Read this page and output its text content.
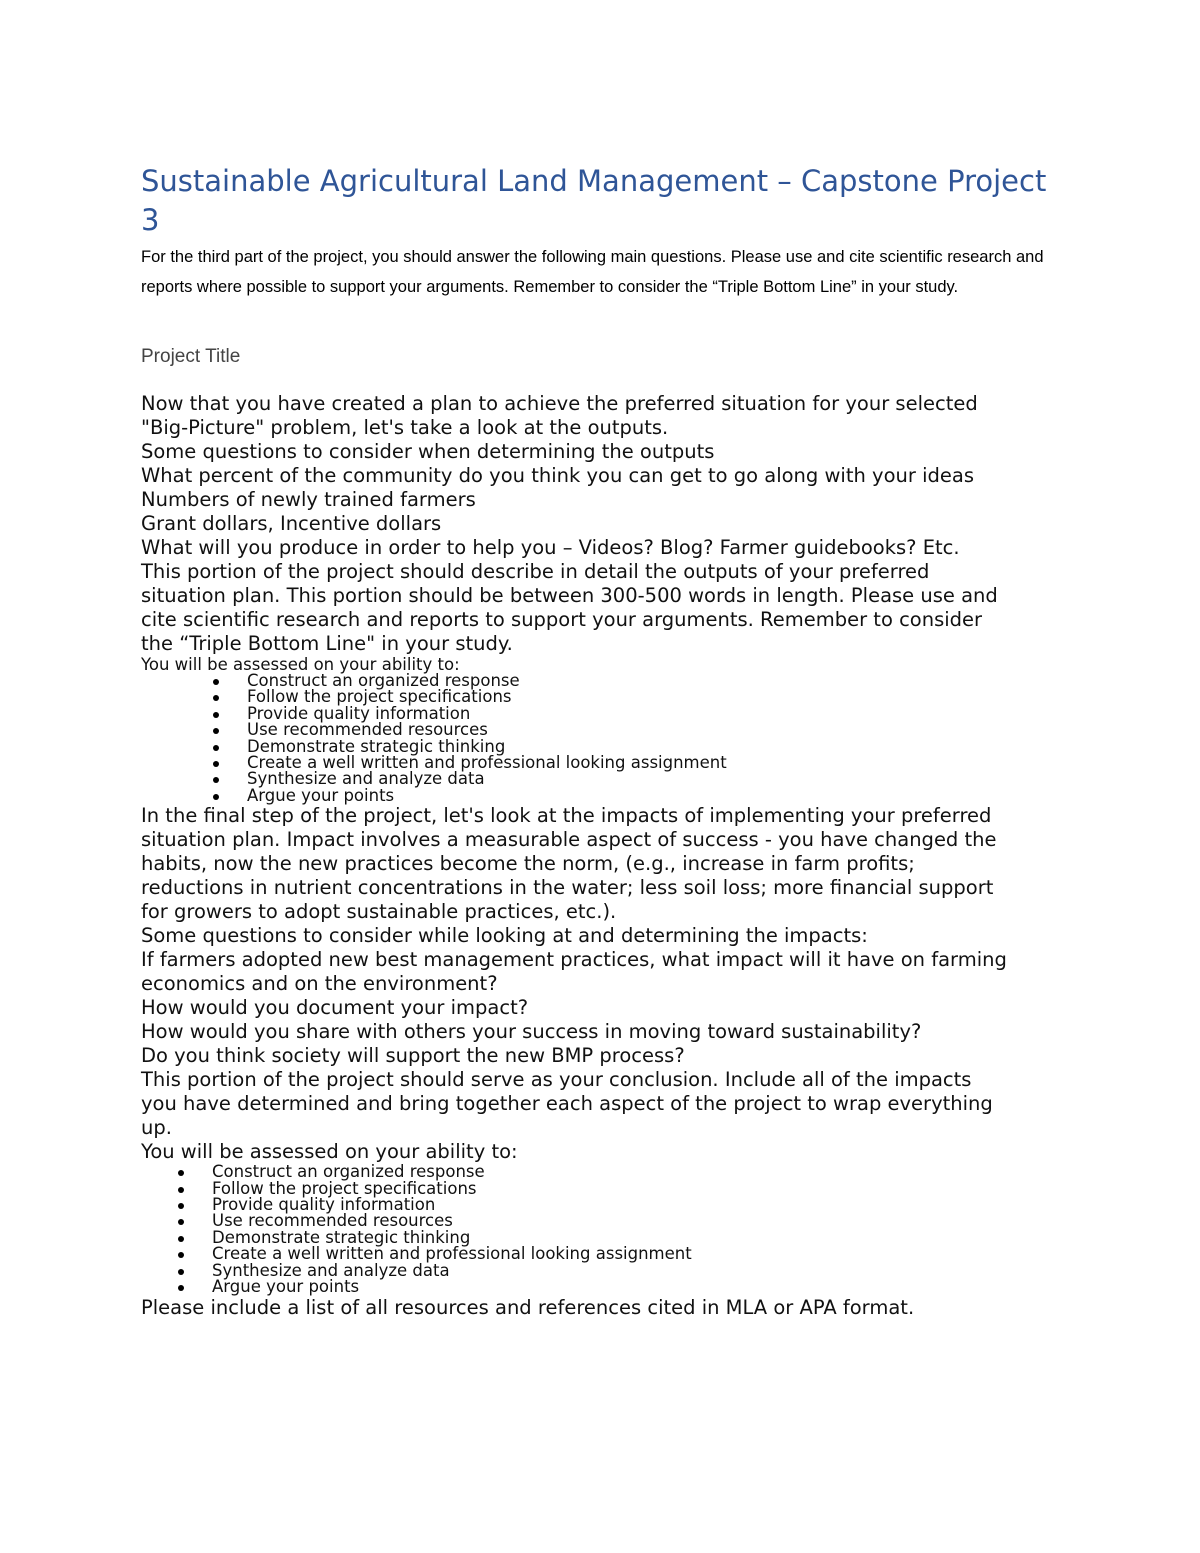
Sustainable Agricultural Land Management – Capstone Project 3

For the third part of the project, you should answer the following main questions. Please use and cite scientific research and reports where possible to support your arguments. Remember to consider the “Triple Bottom Line” in your study.

Project Title

Now that you have created a plan to achieve the preferred situation for your selected
"Big-Picture" problem, let's take a look at the outputs.
Some questions to consider when determining the outputs
What percent of the community do you think you can get to go along with your ideas
Numbers of newly trained farmers
Grant dollars, Incentive dollars
What will you produce in order to help you – Videos? Blog? Farmer guidebooks? Etc.
This portion of the project should describe in detail the outputs of your preferred
situation plan. This portion should be between 300-500 words in length. Please use and
cite scientific research and reports to support your arguments. Remember to consider
the “Triple Bottom Line" in your study.
You will be assessed on your ability to:
Construct an organized response
Follow the project specifications
Provide quality information
Use recommended resources
Demonstrate strategic thinking
Create a well written and professional looking assignment
Synthesize and analyze data
Argue your points
In the final step of the project, let's look at the impacts of implementing your preferred
situation plan. Impact involves a measurable aspect of success - you have changed the
habits, now the new practices become the norm, (e.g., increase in farm profits;
reductions in nutrient concentrations in the water; less soil loss; more financial support
for growers to adopt sustainable practices, etc.).
Some questions to consider while looking at and determining the impacts:
If farmers adopted new best management practices, what impact will it have on farming
economics and on the environment?
How would you document your impact?
How would you share with others your success in moving toward sustainability?
Do you think society will support the new BMP process?
This portion of the project should serve as your conclusion. Include all of the impacts
you have determined and bring together each aspect of the project to wrap everything
up.
You will be assessed on your ability to:
Construct an organized response
Follow the project specifications
Provide quality information
Use recommended resources
Demonstrate strategic thinking
Create a well written and professional looking assignment
Synthesize and analyze data
Argue your points
Please include a list of all resources and references cited in MLA or APA format.
